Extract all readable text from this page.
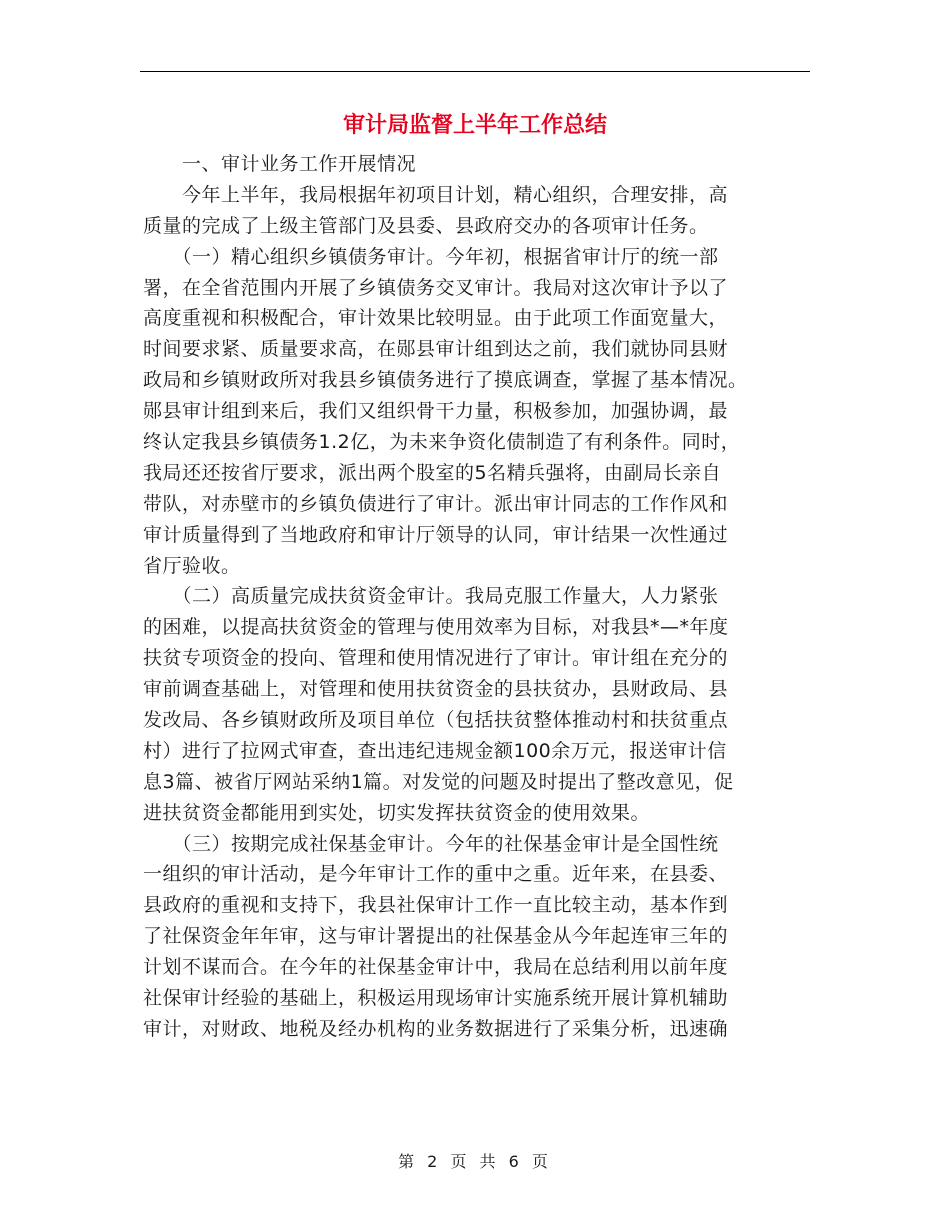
审计局监督上半年工作总结
　　一、审计业务工作开展情况
　　今年上半年，我局根据年初项目计划，精心组织，合理安排，高
质量的完成了上级主管部门及县委、县政府交办的各项审计任务。
　　（一）精心组织乡镇债务审计。今年初，根据省审计厅的统一部
署，在全省范围内开展了乡镇债务交叉审计。我局对这次审计予以了
高度重视和积极配合，审计效果比较明显。由于此项工作面宽量大，
时间要求紧、质量要求高，在郧县审计组到达之前，我们就协同县财
政局和乡镇财政所对我县乡镇债务进行了摸底调查，掌握了基本情况。
郧县审计组到来后，我们又组织骨干力量，积极参加，加强协调，最
终认定我县乡镇债务1.2亿，为未来争资化债制造了有利条件。同时，
我局还还按省厅要求，派出两个股室的5名精兵强将，由副局长亲自
带队，对赤壁市的乡镇负债进行了审计。派出审计同志的工作作风和
审计质量得到了当地政府和审计厅领导的认同，审计结果一次性通过
省厅验收。
　　（二）高质量完成扶贫资金审计。我局克服工作量大，人力紧张
的困难，以提高扶贫资金的管理与使用效率为目标，对我县*—*年度
扶贫专项资金的投向、管理和使用情况进行了审计。审计组在充分的
审前调查基础上，对管理和使用扶贫资金的县扶贫办，县财政局、县
发改局、各乡镇财政所及项目单位（包括扶贫整体推动村和扶贫重点
村）进行了拉网式审查，查出违纪违规金额100余万元，报送审计信
息3篇、被省厅网站采纳1篇。对发觉的问题及时提出了整改意见，促
进扶贫资金都能用到实处，切实发挥扶贫资金的使用效果。
　　（三）按期完成社保基金审计。今年的社保基金审计是全国性统
一组织的审计活动，是今年审计工作的重中之重。近年来，在县委、
县政府的重视和支持下，我县社保审计工作一直比较主动，基本作到
了社保资金年年审，这与审计署提出的社保基金从今年起连审三年的
计划不谋而合。在今年的社保基金审计中，我局在总结利用以前年度
社保审计经验的基础上，积极运用现场审计实施系统开展计算机辅助
审计，对财政、地税及经办机构的业务数据进行了采集分析，迅速确
第 2 页 共 6 页
